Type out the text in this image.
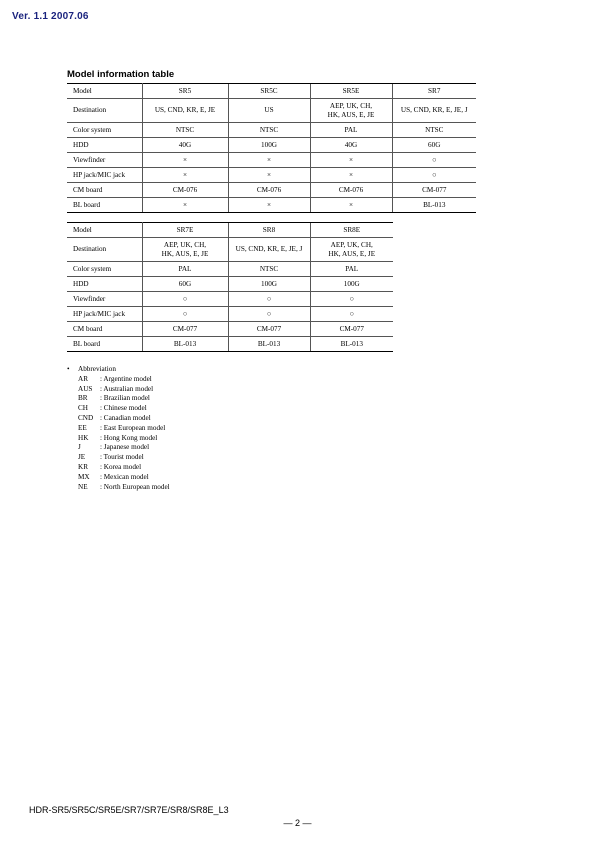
Ver. 1.1 2007.06
Model information table
Model	SR5	SR5C	SR5E	SR7
Destination	US, CND, KR, E, JE	US	AEP, UK, CH,
HK, AUS, E, JE	US, CND, KR, E, JE, J
Color system	NTSC	NTSC	PAL	NTSC
HDD	40G	100G	40G	60G
Viewfinder	×	×	×	○
HP jack/MIC jack	×	×	×	○
CM board	CM-076	CM-076	CM-076	CM-077
BL board	×	×	×	BL-013
Model	SR7E	SR8	SR8E
Destination	AEP, UK, CH,
HK, AUS, E, JE	US, CND, KR, E, JE, J	AEP, UK, CH,
HK, AUS, E, JE
Color system	PAL	NTSC	PAL
HDD	60G	100G	100G
Viewfinder	○	○	○
HP jack/MIC jack	○	○	○
CM board	CM-077	CM-077	CM-077
BL board	BL-013	BL-013	BL-013
•	Abbreviation
AR	: Argentine model
AUS	: Australian model
BR	: Brazilian model
CH	: Chinese model
CND : Canadian model
EE	: East European model
HK	: Hong Kong model
J	: Japanese model
JE	: Tourist model
KR	: Korea model
MX	: Mexican model
NE	: North European model
HDR-SR5/SR5C/SR5E/SR7/SR7E/SR8/SR8E_L3
— 2 —
